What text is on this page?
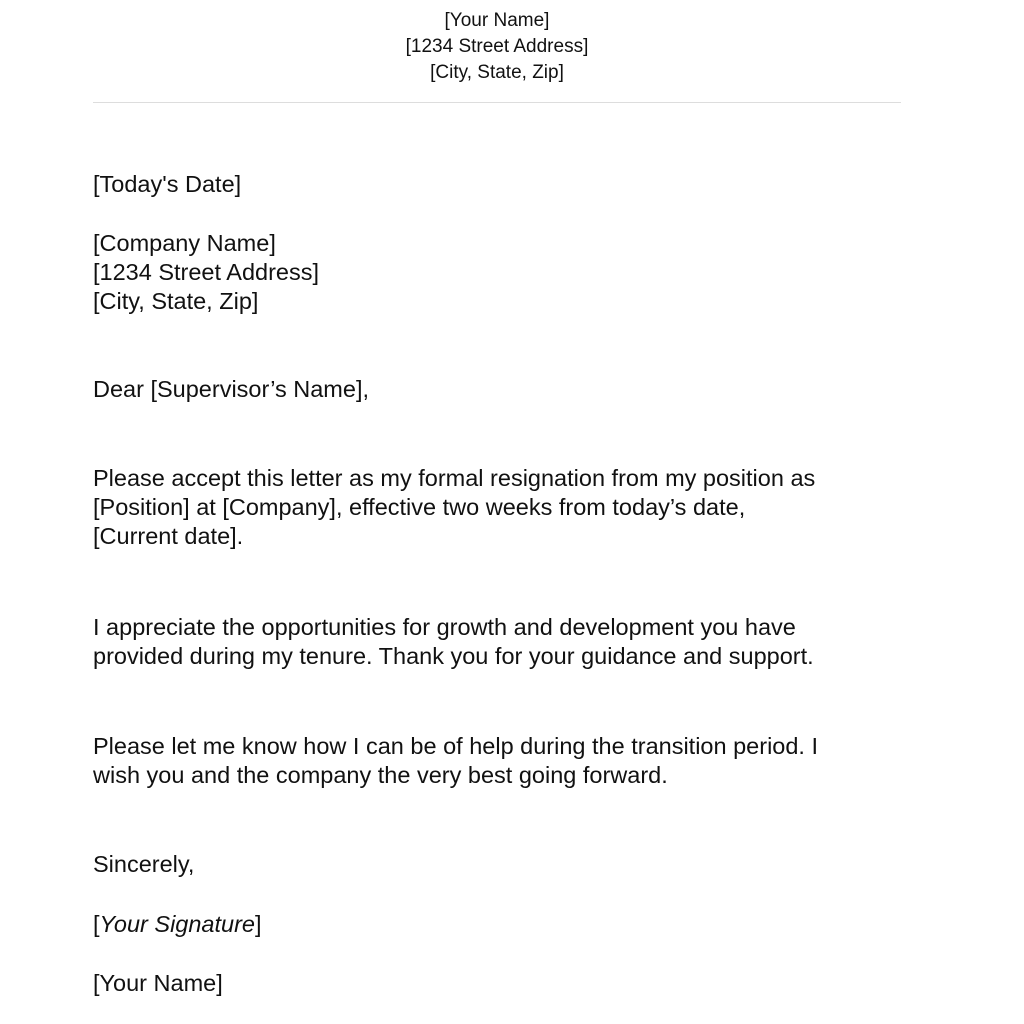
[Your Name]
[1234 Street Address]
[City, State, Zip]
[Today's Date]
[Company Name]
[1234 Street Address]
[City, State, Zip]
Dear [Supervisor’s Name],
Please accept this letter as my formal resignation from my position as
[Position] at [Company], effective two weeks from today’s date,
[Current date].
I appreciate the opportunities for growth and development you have
provided during my tenure. Thank you for your guidance and support.
Please let me know how I can be of help during the transition period. I
wish you and the company the very best going forward.
Sincerely,
[Your Signature]
[Your Name]
